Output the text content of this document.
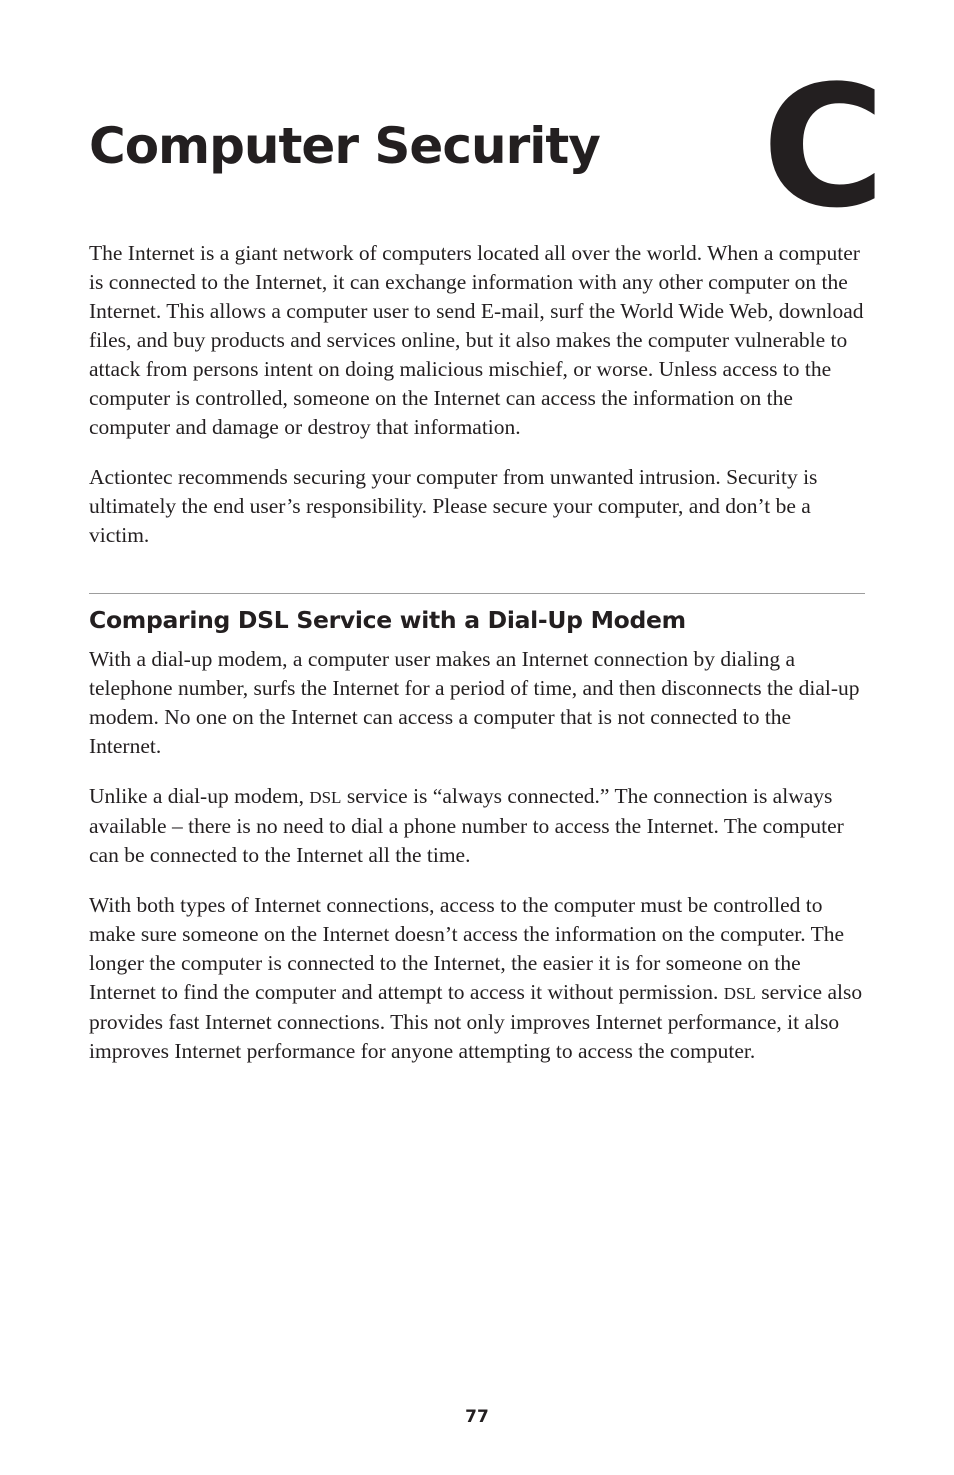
Computer Security C

The Internet is a giant network of computers located all over the world. When a computer is connected to the Internet, it can exchange information with any other computer on the Internet. This allows a computer user to send E-mail, surf the World Wide Web, download files, and buy products and services online, but it also makes the computer vulnerable to attack from persons intent on doing malicious mischief, or worse. Unless access to the computer is controlled, someone on the Internet can access the information on the computer and damage or destroy that information.

Actiontec recommends securing your computer from unwanted intrusion. Security is ultimately the end user’s responsibility. Please secure your computer, and don’t be a victim.

Comparing DSL Service with a Dial-Up Modem

With a dial-up modem, a computer user makes an Internet connection by dialing a telephone number, surfs the Internet for a period of time, and then disconnects the dial-up modem. No one on the Internet can access a computer that is not connected to the Internet.

Unlike a dial-up modem, DSL service is “always connected.” The connection is always available – there is no need to dial a phone number to access the Internet. The computer can be connected to the Internet all the time.

With both types of Internet connections, access to the computer must be controlled to make sure someone on the Internet doesn’t access the information on the computer. The longer the computer is connected to the Internet, the easier it is for someone on the Internet to find the computer and attempt to access it without permission. DSL service also provides fast Internet connections. This not only improves Internet performance, it also improves Internet performance for anyone attempting to access the computer.

77
